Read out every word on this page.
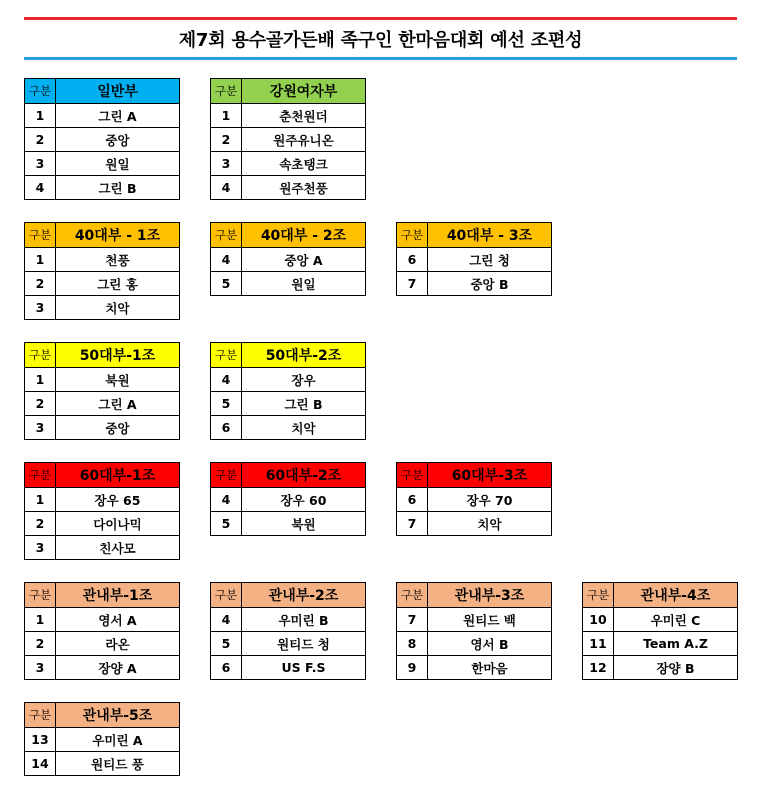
제7회 용수골가든배 족구인 한마음대회 예선 조편성
구분	일반부
1	그린 A
2	중앙
3	원일
4	그린 B
구분	강원여자부
1	춘천원더
2	원주유니온
3	속초탱크
4	원주천풍
구분	40대부 - 1조
1	천풍
2	그린 홍
3	치악
구분	40대부 - 2조
4	중앙 A
5	원일
구분	40대부 - 3조
6	그린 청
7	중앙 B
구분	50대부-1조
1	북원
2	그린 A
3	중앙
구분	50대부-2조
4	장우
5	그린 B
6	치악
구분	60대부-1조
1	장우 65
2	다이나믹
3	친사모
구분	60대부-2조
4	장우 60
5	북원
구분	60대부-3조
6	장우 70
7	치악
구분	관내부-1조
1	영서 A
2	라온
3	장양 A
구분	관내부-2조
4	우미린 B
5	원티드 청
6	US F.S
구분	관내부-3조
7	원티드 백
8	영서 B
9	한마음
구분	관내부-4조
10	우미린 C
11	Team A.Z
12	장양 B
구분	관내부-5조
13	우미린 A
14	원티드 풍
